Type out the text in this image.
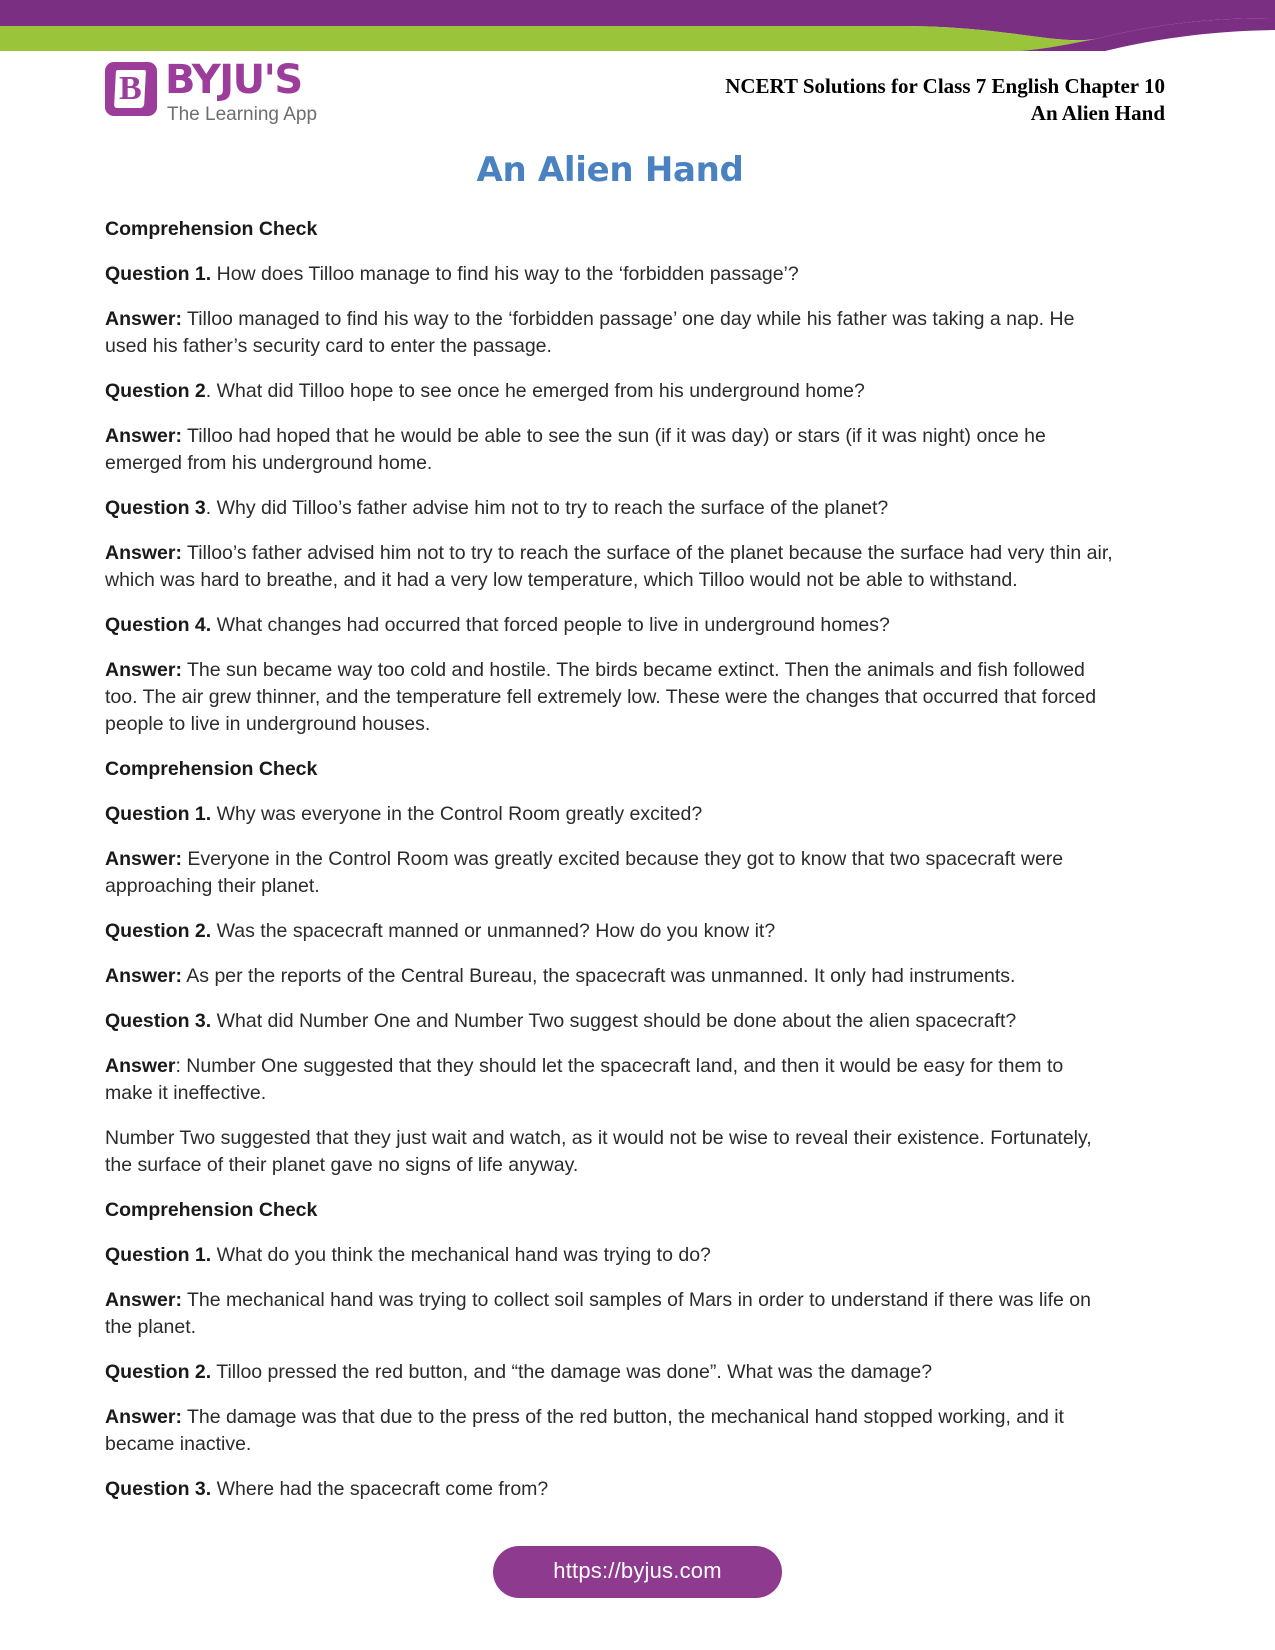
B BYJU'S
The Learning App
NCERT Solutions for Class 7 English Chapter 10
An Alien Hand
An Alien Hand

Comprehension Check

Question 1. How does Tilloo manage to find his way to the ‘forbidden passage’?

Answer: Tilloo managed to find his way to the ‘forbidden passage’ one day while his father was taking a nap. He used his father’s security card to enter the passage.

Question 2. What did Tilloo hope to see once he emerged from his underground home?

Answer: Tilloo had hoped that he would be able to see the sun (if it was day) or stars (if it was night) once he emerged from his underground home.

Question 3. Why did Tilloo’s father advise him not to try to reach the surface of the planet?

Answer: Tilloo’s father advised him not to try to reach the surface of the planet because the surface had very thin air, which was hard to breathe, and it had a very low temperature, which Tilloo would not be able to withstand.

Question 4. What changes had occurred that forced people to live in underground homes?

Answer: The sun became way too cold and hostile. The birds became extinct. Then the animals and fish followed too. The air grew thinner, and the temperature fell extremely low. These were the changes that occurred that forced people to live in underground houses.

Comprehension Check

Question 1. Why was everyone in the Control Room greatly excited?

Answer: Everyone in the Control Room was greatly excited because they got to know that two spacecraft were approaching their planet.

Question 2. Was the spacecraft manned or unmanned? How do you know it?

Answer: As per the reports of the Central Bureau, the spacecraft was unmanned. It only had instruments.

Question 3. What did Number One and Number Two suggest should be done about the alien spacecraft?

Answer: Number One suggested that they should let the spacecraft land, and then it would be easy for them to make it ineffective.

Number Two suggested that they just wait and watch, as it would not be wise to reveal their existence. Fortunately, the surface of their planet gave no signs of life anyway.

Comprehension Check

Question 1. What do you think the mechanical hand was trying to do?

Answer: The mechanical hand was trying to collect soil samples of Mars in order to understand if there was life on the planet.

Question 2. Tilloo pressed the red button, and “the damage was done”. What was the damage?

Answer: The damage was that due to the press of the red button, the mechanical hand stopped working, and it became inactive.

Question 3. Where had the spacecraft come from?

https://byjus.com
